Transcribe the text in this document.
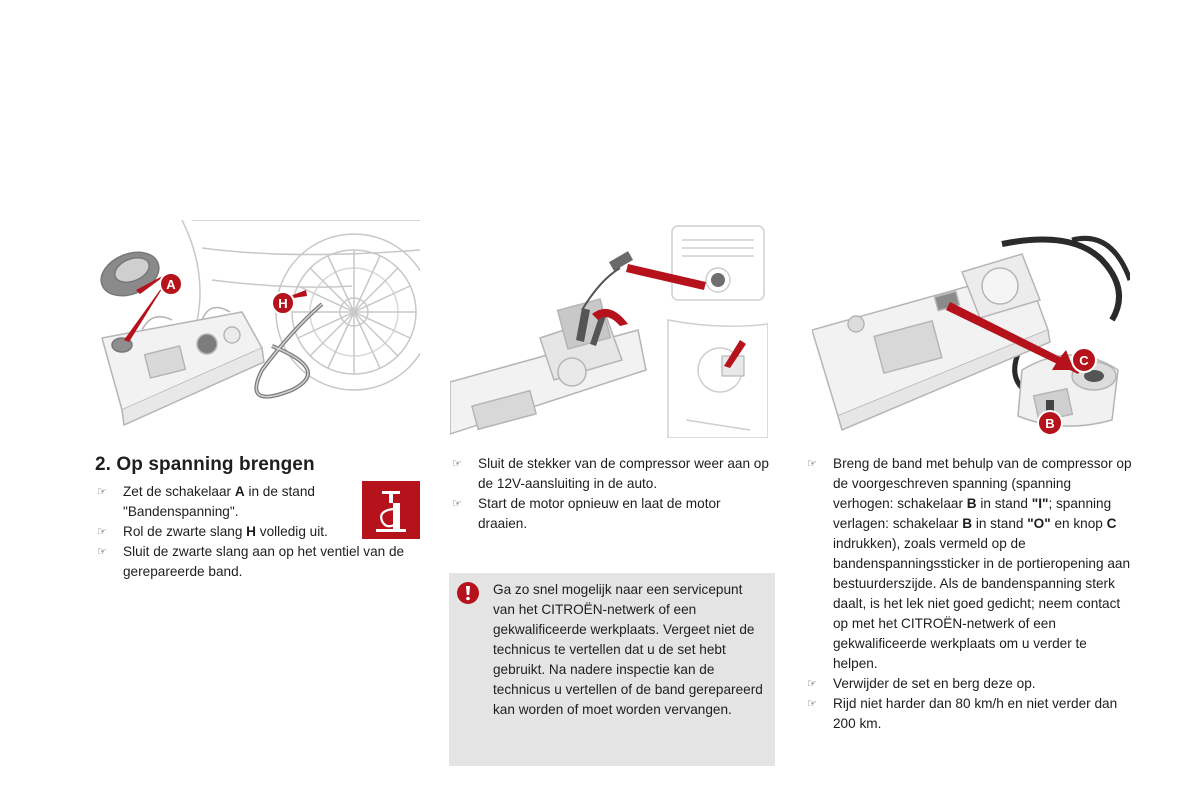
A
H
C
B
2. Op spanning brengen
☞	Zet de schakelaar A in de stand "Bandenspanning".
☞	Rol de zwarte slang H volledig uit.
☞	Sluit de zwarte slang aan op het ventiel van de gerepareerde band.
☞	Sluit de stekker van de compressor weer aan op de 12V-aansluiting in de auto.
☞	Start de motor opnieuw en laat de motor draaien.

Ga zo snel mogelijk naar een servicepunt van het CITROËN-netwerk of een gekwalificeerde werkplaats. Vergeet niet de technicus te vertellen dat u de set hebt gebruikt. Na nadere inspectie kan de technicus u vertellen of de band gerepareerd kan worden of moet worden vervangen.

☞	Breng de band met behulp van de compressor op de voorgeschreven spanning (spanning verhogen: schakelaar B in stand "I"; spanning verlagen: schakelaar B in stand "O" en knop C indrukken), zoals vermeld op de bandenspanningssticker in de portieropening aan bestuurderszijde. Als de bandenspanning sterk daalt, is het lek niet goed gedicht; neem contact op met het CITROËN-netwerk of een gekwalificeerde werkplaats om u verder te helpen.
☞	Verwijder de set en berg deze op.
☞	Rijd niet harder dan 80 km/h en niet verder dan 200 km.
